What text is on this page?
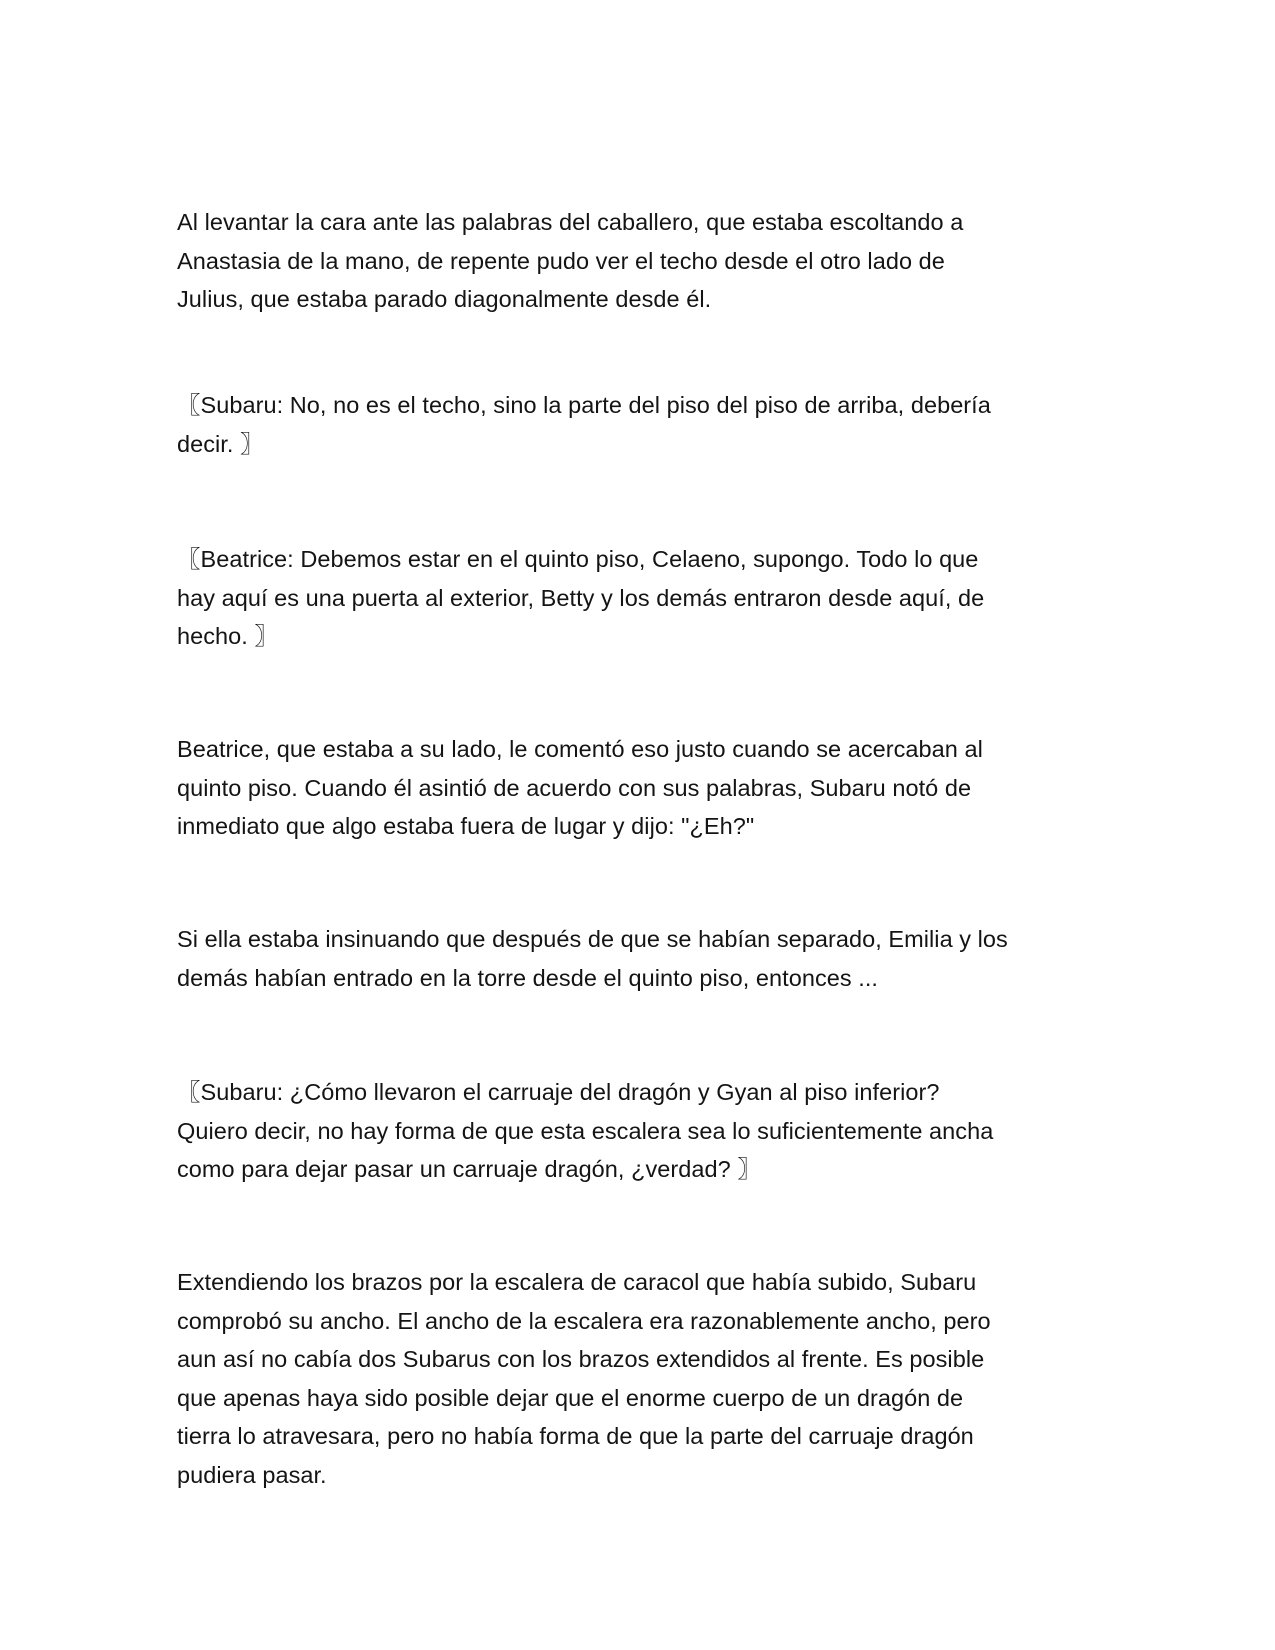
Al levantar la cara ante las palabras del caballero, que estaba escoltando a
Anastasia de la mano, de repente pudo ver el techo desde el otro lado de
Julius, que estaba parado diagonalmente desde él.

〖Subaru: No, no es el techo, sino la parte del piso del piso de arriba, debería
decir. 〗

〖Beatrice: Debemos estar en el quinto piso, Celaeno, supongo. Todo lo que
hay aquí es una puerta al exterior, Betty y los demás entraron desde aquí, de
hecho. 〗

Beatrice, que estaba a su lado, le comentó eso justo cuando se acercaban al
quinto piso. Cuando él asintió de acuerdo con sus palabras, Subaru notó de
inmediato que algo estaba fuera de lugar y dijo: "¿Eh?"

Si ella estaba insinuando que después de que se habían separado, Emilia y los
demás habían entrado en la torre desde el quinto piso, entonces ...

〖Subaru: ¿Cómo llevaron el carruaje del dragón y Gyan al piso inferior?
Quiero decir, no hay forma de que esta escalera sea lo suficientemente ancha
como para dejar pasar un carruaje dragón, ¿verdad? 〗

Extendiendo los brazos por la escalera de caracol que había subido, Subaru
comprobó su ancho. El ancho de la escalera era razonablemente ancho, pero
aun así no cabía dos Subarus con los brazos extendidos al frente. Es posible
que apenas haya sido posible dejar que el enorme cuerpo de un dragón de
tierra lo atravesara, pero no había forma de que la parte del carruaje dragón
pudiera pasar.
